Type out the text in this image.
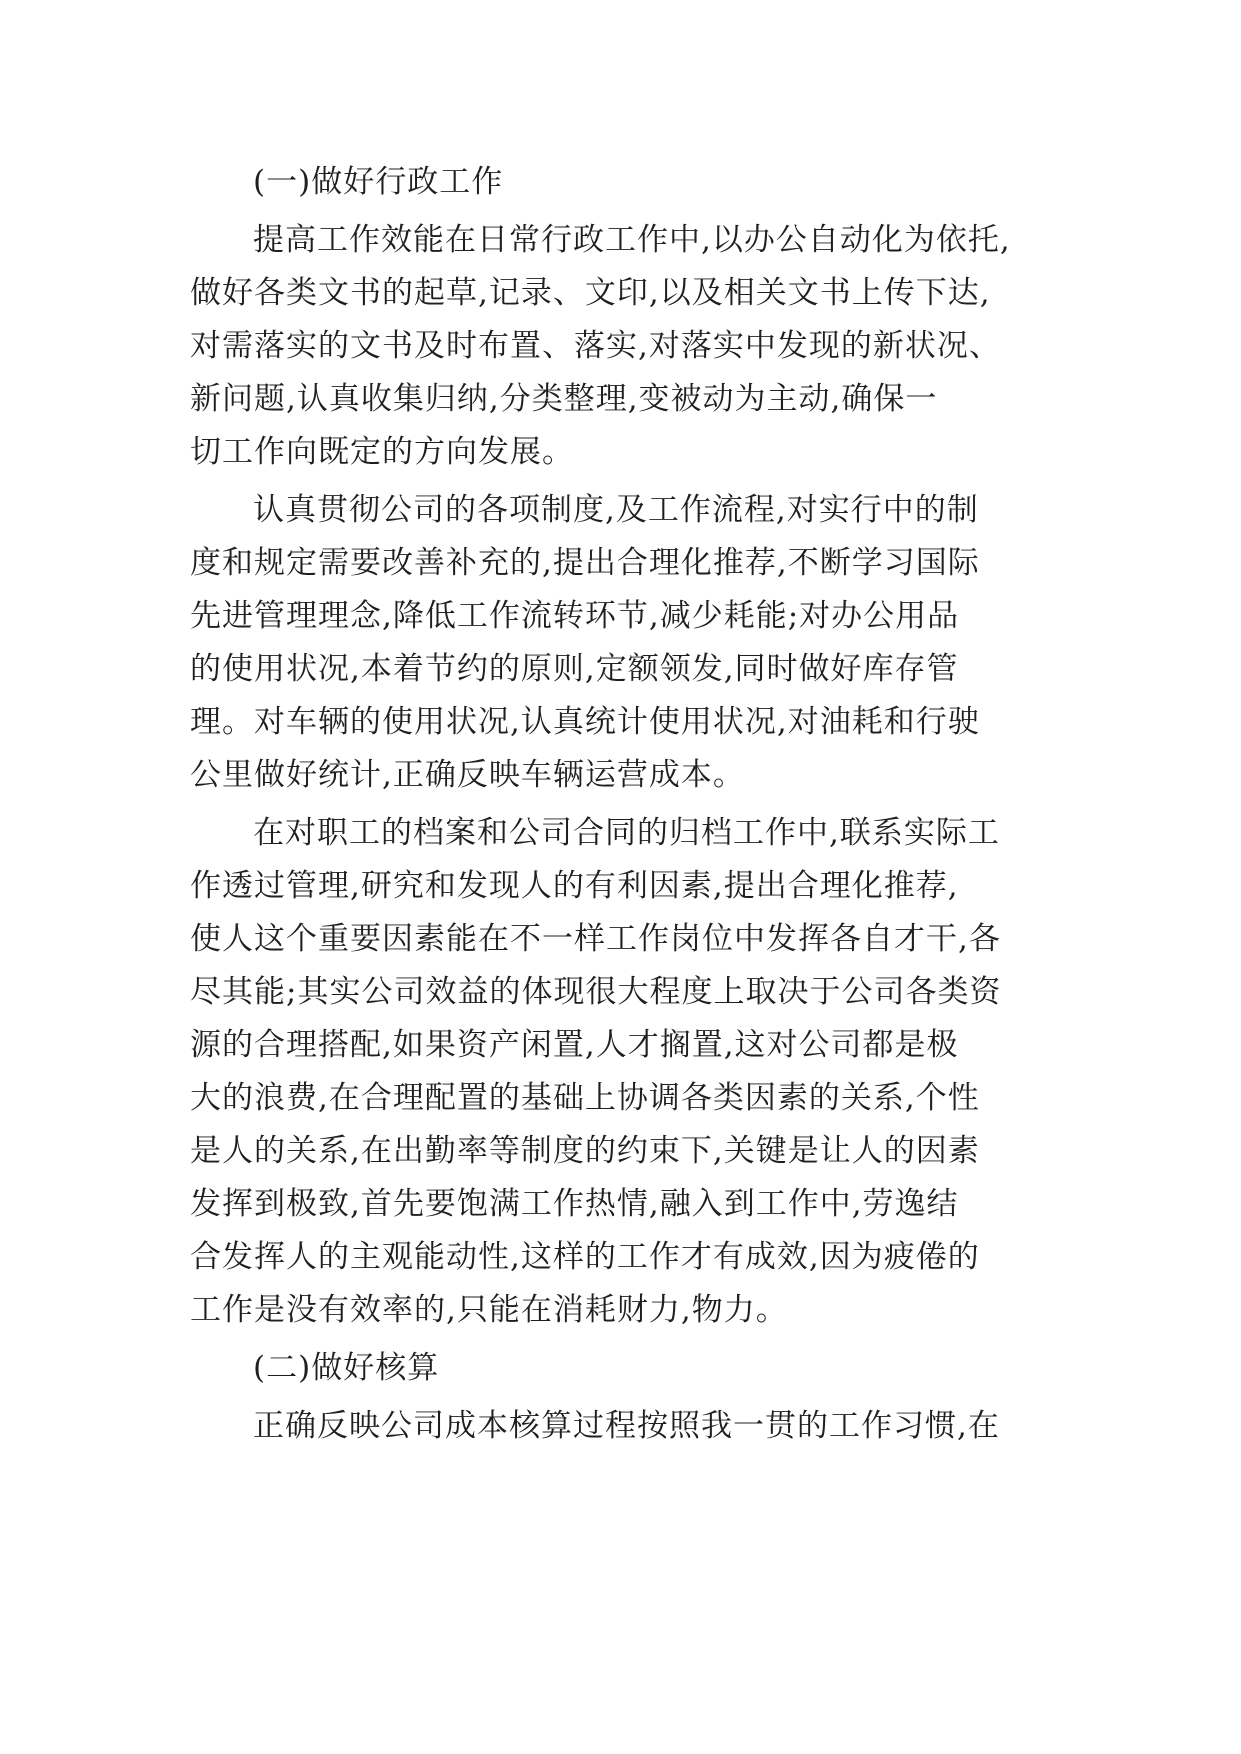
(一)做好行政工作

提高工作效能在日常行政工作中,以办公自动化为依托,

做好各类文书的起草,记录、文印,以及相关文书上传下达,

对需落实的文书及时布置、落实,对落实中发现的新状况、

新问题,认真收集归纳,分类整理,变被动为主动,确保一

切工作向既定的方向发展。

认真贯彻公司的各项制度,及工作流程,对实行中的制

度和规定需要改善补充的,提出合理化推荐,不断学习国际

先进管理理念,降低工作流转环节,减少耗能;对办公用品

的使用状况,本着节约的原则,定额领发,同时做好库存管

理。对车辆的使用状况,认真统计使用状况,对油耗和行驶

公里做好统计,正确反映车辆运营成本。

在对职工的档案和公司合同的归档工作中,联系实际工

作透过管理,研究和发现人的有利因素,提出合理化推荐,

使人这个重要因素能在不一样工作岗位中发挥各自才干,各

尽其能;其实公司效益的体现很大程度上取决于公司各类资

源的合理搭配,如果资产闲置,人才搁置,这对公司都是极

大的浪费,在合理配置的基础上协调各类因素的关系,个性

是人的关系,在出勤率等制度的约束下,关键是让人的因素

发挥到极致,首先要饱满工作热情,融入到工作中,劳逸结

合发挥人的主观能动性,这样的工作才有成效,因为疲倦的

工作是没有效率的,只能在消耗财力,物力。

(二)做好核算

正确反映公司成本核算过程按照我一贯的工作习惯,在
